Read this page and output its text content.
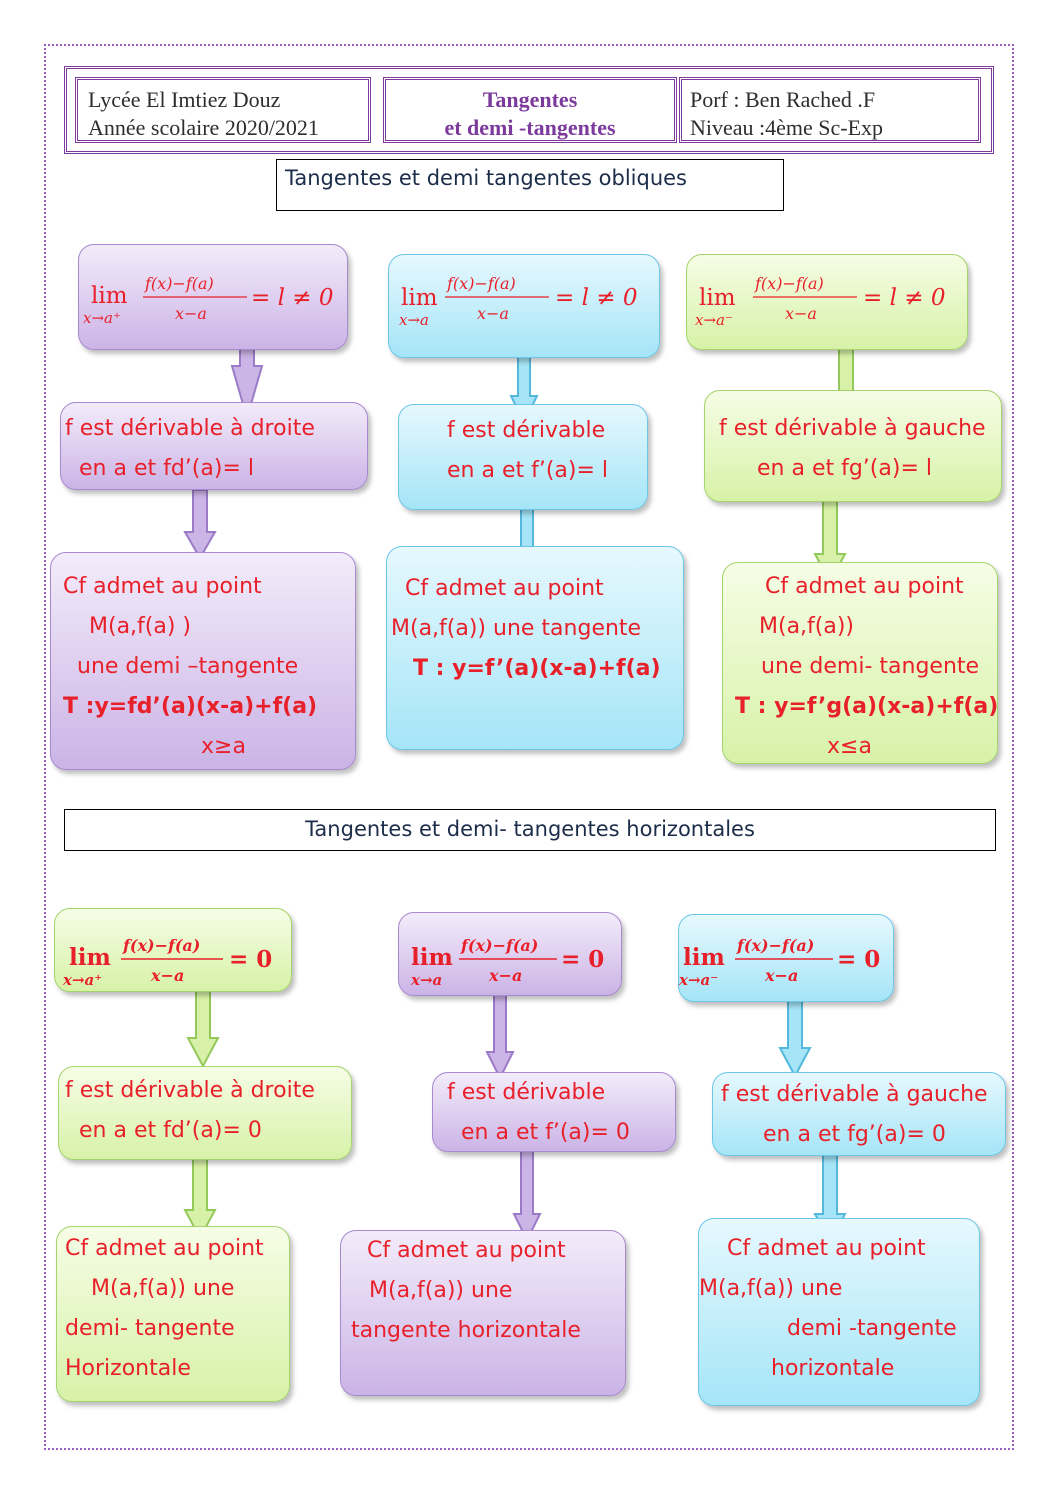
Lycée El Imtiez Douz
Année scolaire 2020/2021
Tangentes
et demi -tangentes
Porf : Ben Rached .F
Niveau :4ème Sc-Exp
Tangentes et demi tangentes obliques
lim
x→a⁺
f(x)−f(a)
x−a
= l ≠ 0
f est dérivable à droite
en a et fd’(a)= l
Cf admet au point
M(a,f(a) )
une demi –tangente
T :y=fd’(a)(x-a)+f(a)
x≥a
lim
x→a
f(x)−f(a)
x−a
= l ≠ 0
f est dérivable
en a et f’(a)= l
Cf admet au point
M(a,f(a)) une tangente
T : y=f’(a)(x-a)+f(a)
lim
x→a⁻
f(x)−f(a)
x−a
= l ≠ 0
f est dérivable à gauche
en a et fg’(a)= l
Cf admet au point
M(a,f(a))
une demi- tangente
T : y=f’g(a)(x-a)+f(a)
x≤a
Tangentes et demi- tangentes horizontales
lim
x→a⁺
f(x)−f(a)
x−a
= 0
f est dérivable à droite
en a et fd’(a)= 0
Cf admet au point
M(a,f(a)) une
demi- tangente
Horizontale
lim
x→a
f(x)−f(a)
x−a
= 0
f est dérivable
en a et f’(a)= 0
Cf admet au point
M(a,f(a)) une
tangente horizontale
lim
x→a⁻
f(x)−f(a)
x−a
= 0
f est dérivable à gauche
en a et fg’(a)= 0
Cf admet au point
M(a,f(a)) une
demi -tangente
horizontale
